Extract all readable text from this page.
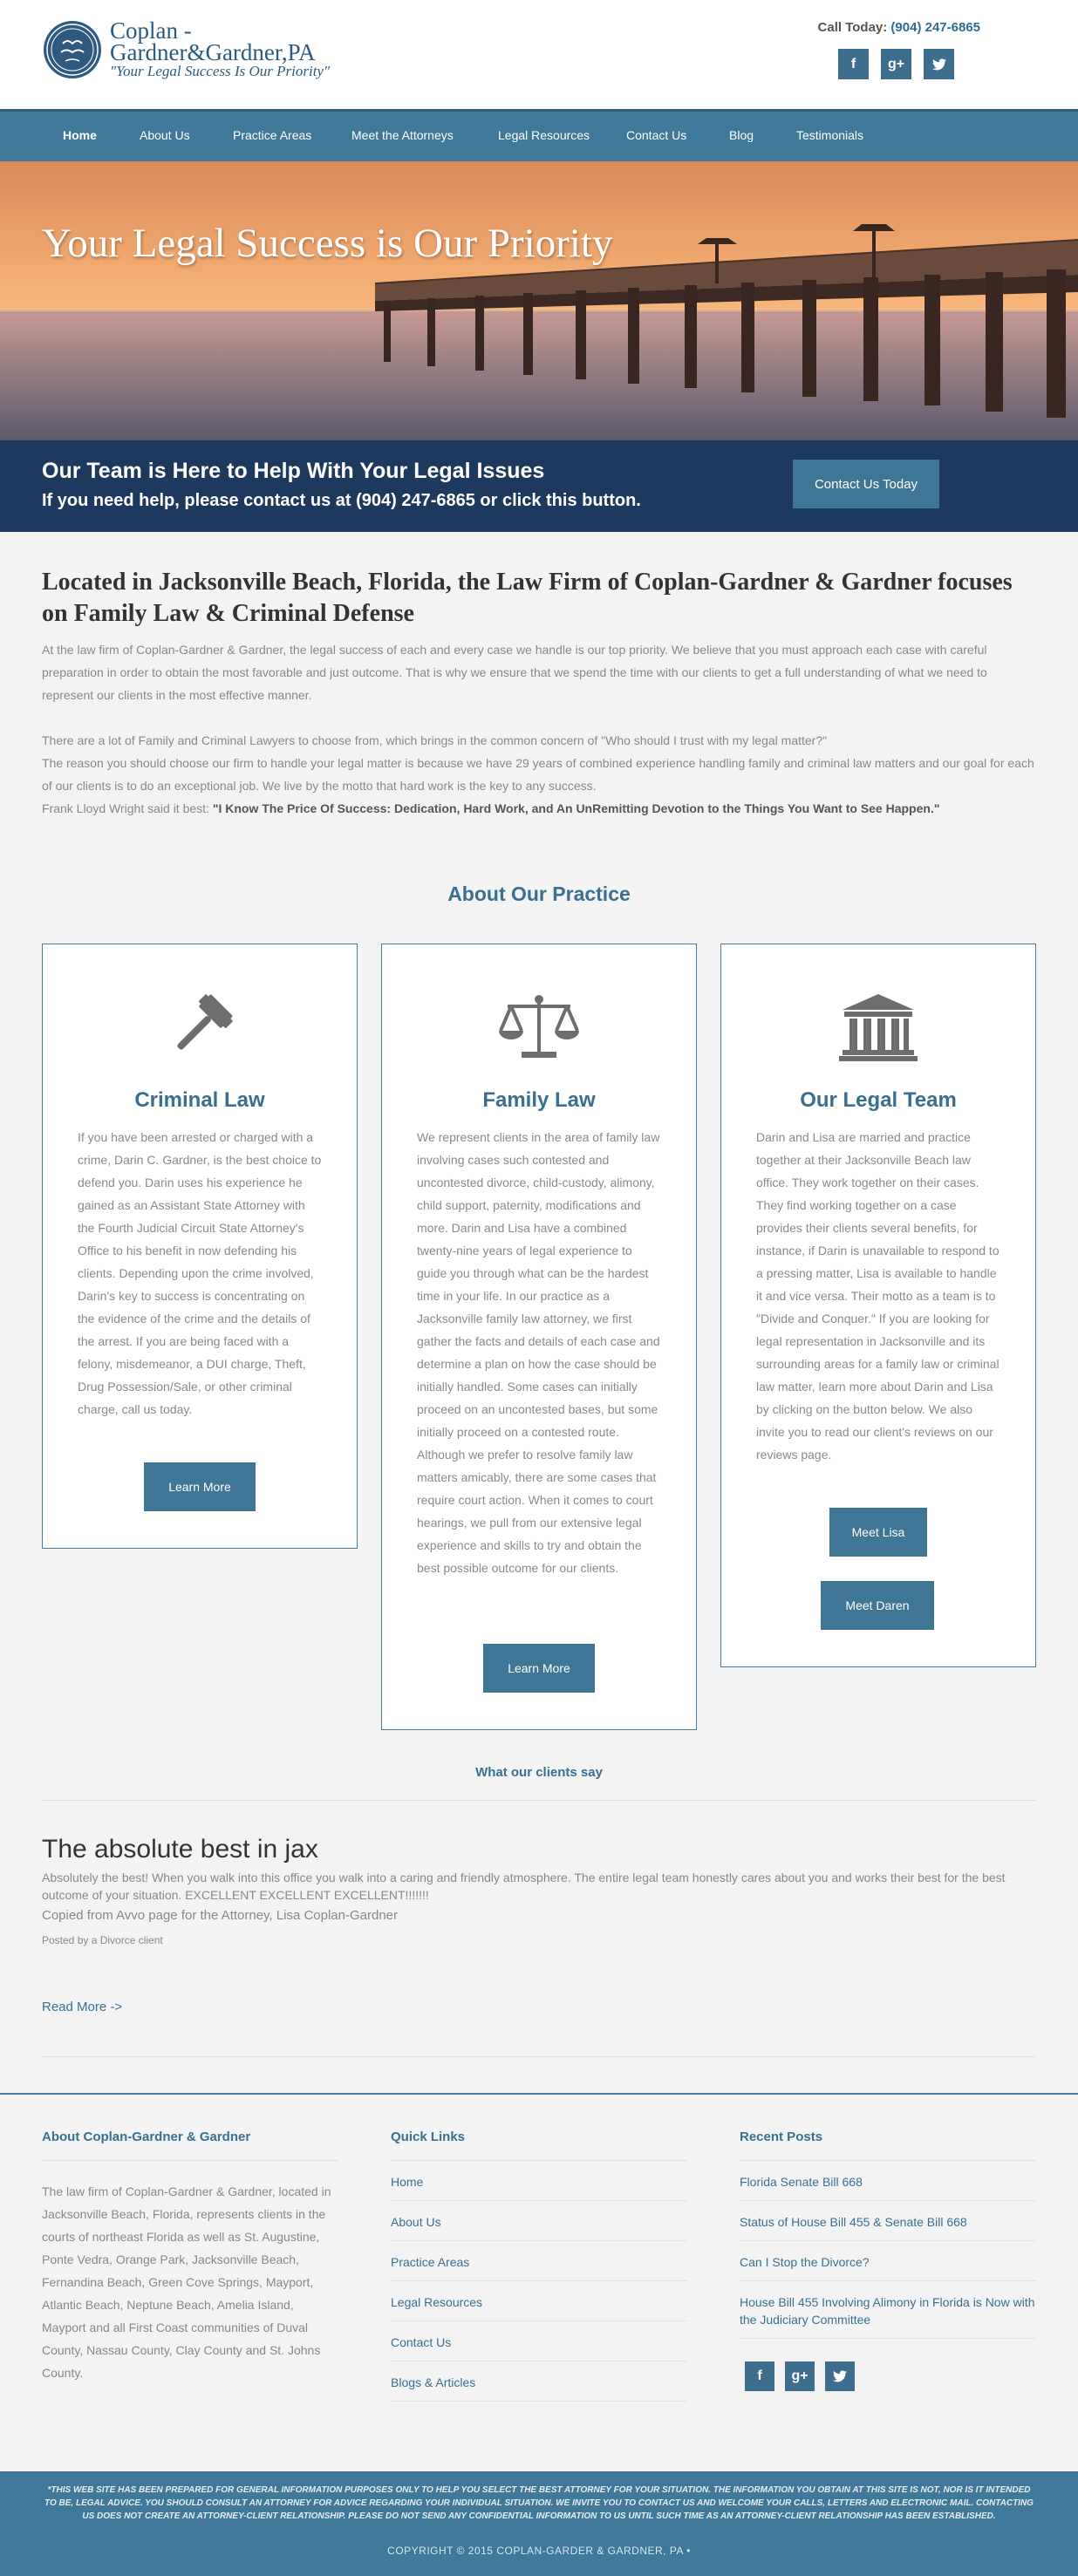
Coplan -
Gardner&Gardner,PA
"Your Legal Success Is Our Priority"
Call Today: (904) 247-6865
f	g+
Home	About Us	Practice Areas	Meet the Attorneys	Legal Resources	Contact Us	Blog	Testimonials
Your Legal Success is Our Priority
Our Team is Here to Help With Your Legal Issues
If you need help, please contact us at (904) 247-6865 or click this button.
Contact Us Today
Located in Jacksonville Beach, Florida, the Law Firm of Coplan-Gardner & Gardner focuses on Family Law & Criminal Defense

At the law firm of Coplan-Gardner & Gardner, the legal success of each and every case we handle is our top priority. We believe that you must approach each case with careful preparation in order to obtain the most favorable and just outcome. That is why we ensure that we spend the time with our clients to get a full understanding of what we need to represent our clients in the most effective manner.

There are a lot of Family and Criminal Lawyers to choose from, which brings in the common concern of "Who should I trust with my legal matter?"

The reason you should choose our firm to handle your legal matter is because we have 29 years of combined experience handling family and criminal law matters and our goal for each of our clients is to do an exceptional job. We live by the motto that hard work is the key to any success.

Frank Lloyd Wright said it best: "I Know The Price Of Success: Dedication, Hard Work, and An UnRemitting Devotion to the Things You Want to See Happen."

About Our Practice
Criminal Law
If you have been arrested or charged with a crime, Darin C. Gardner, is the best choice to defend you. Darin uses his experience he gained as an Assistant State Attorney with the Fourth Judicial Circuit State Attorney's Office to his benefit in now defending his clients. Depending upon the crime involved, Darin's key to success is concentrating on the evidence of the crime and the details of the arrest. If you are being faced with a felony, misdemeanor, a DUI charge, Theft, Drug Possession/Sale, or other criminal charge, call us today.
Learn More
Family Law
We represent clients in the area of family law involving cases such contested and uncontested divorce, child-custody, alimony, child support, paternity, modifications and more. Darin and Lisa have a combined twenty-nine years of legal experience to guide you through what can be the hardest time in your life. In our practice as a Jacksonville family law attorney, we first gather the facts and details of each case and determine a plan on how the case should be initially handled. Some cases can initially proceed on an uncontested bases, but some initially proceed on a contested route. Although we prefer to resolve family law matters amicably, there are some cases that require court action. When it comes to court hearings, we pull from our extensive legal experience and skills to try and obtain the best possible outcome for our clients.
Learn More
Our Legal Team
Darin and Lisa are married and practice together at their Jacksonville Beach law office. They work together on their cases. They find working together on a case provides their clients several benefits, for instance, if Darin is unavailable to respond to a pressing matter, Lisa is available to handle it and vice versa. Their motto as a team is to "Divide and Conquer." If you are looking for legal representation in Jacksonville and its surrounding areas for a family law or criminal law matter, learn more about Darin and Lisa by clicking on the button below. We also invite you to read our client's reviews on our reviews page.
Meet Lisa
Meet Daren
What our clients say
The absolute best in jax
Absolutely the best! When you walk into this office you walk into a caring and friendly atmosphere. The entire legal team honestly cares about you and works their best for the best outcome of your situation. EXCELLENT EXCELLENT EXCELLENT!!!!!!!
Copied from Avvo page for the Attorney, Lisa Coplan-Gardner
Posted by a Divorce client
Read More ->
About Coplan-Gardner & Gardner
The law firm of Coplan-Gardner & Gardner, located in Jacksonville Beach, Florida, represents clients in the courts of northeast Florida as well as St. Augustine, Ponte Vedra, Orange Park, Jacksonville Beach, Fernandina Beach, Green Cove Springs, Mayport, Atlantic Beach, Neptune Beach, Amelia Island, Mayport and all First Coast communities of Duval County, Nassau County, Clay County and St. Johns County.
Quick Links
Home
About Us
Practice Areas
Legal Resources
Contact Us
Blogs & Articles
Recent Posts
Florida Senate Bill 668
Status of House Bill 455 & Senate Bill 668
Can I Stop the Divorce?
House Bill 455 Involving Alimony in Florida is Now with the Judiciary Committee
f	g+
*THIS WEB SITE HAS BEEN PREPARED FOR GENERAL INFORMATION PURPOSES ONLY TO HELP YOU SELECT THE BEST ATTORNEY FOR YOUR SITUATION. THE INFORMATION YOU OBTAIN AT THIS SITE IS NOT, NOR IS IT INTENDED TO BE, LEGAL ADVICE. YOU SHOULD CONSULT AN ATTORNEY FOR ADVICE REGARDING YOUR INDIVIDUAL SITUATION. WE INVITE YOU TO CONTACT US AND WELCOME YOUR CALLS, LETTERS AND ELECTRONIC MAIL. CONTACTING US DOES NOT CREATE AN ATTORNEY-CLIENT RELATIONSHIP. PLEASE DO NOT SEND ANY CONFIDENTIAL INFORMATION TO US UNTIL SUCH TIME AS AN ATTORNEY-CLIENT RELATIONSHIP HAS BEEN ESTABLISHED.
COPYRIGHT © 2015 COPLAN-GARDER & GARDNER, PA •
